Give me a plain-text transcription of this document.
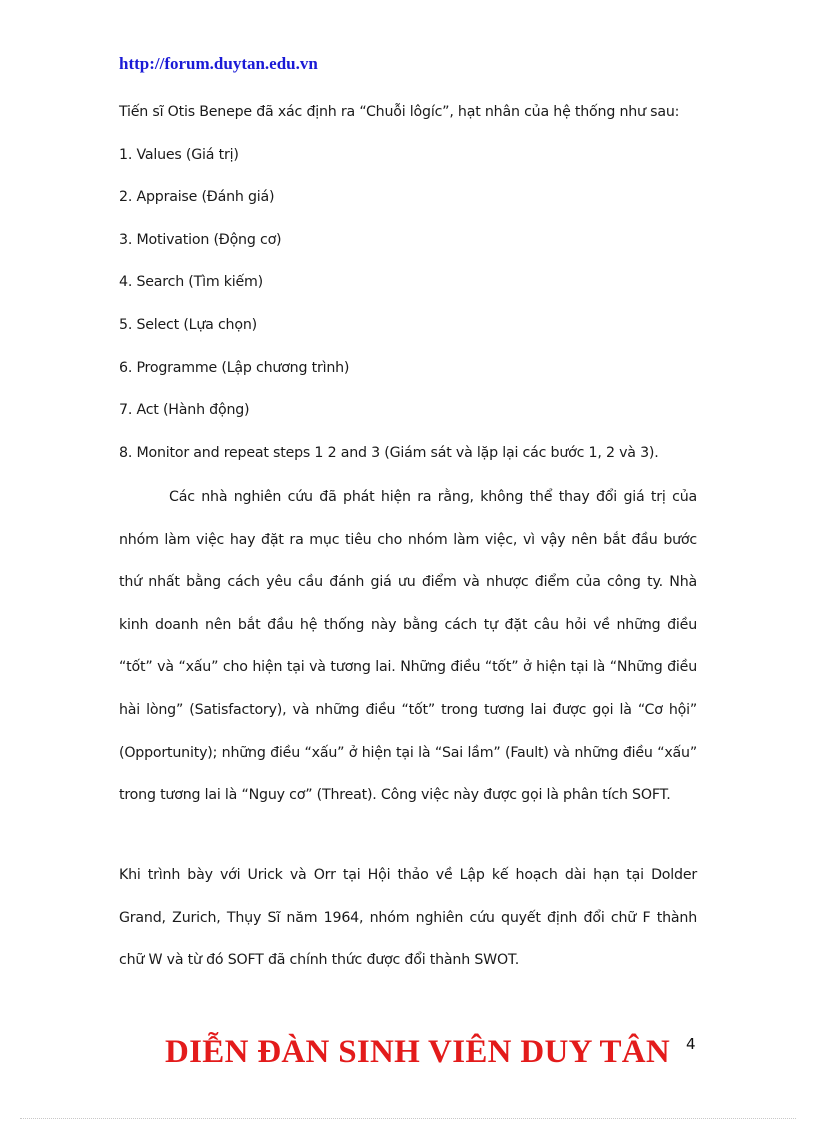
http://forum.duytan.edu.vn
Tiến sĩ Otis Benepe đã xác định ra “Chuỗi lôgíc”, hạt nhân của hệ thống như sau:
1. Values (Giá trị)
2. Appraise (Đánh giá)
3. Motivation (Động cơ)
4. Search (Tìm kiếm)
5. Select (Lựa chọn)
6. Programme (Lập chương trình)
7. Act (Hành động)
8. Monitor and repeat steps 1 2 and 3 (Giám sát và lặp lại các bước 1, 2 và 3).

Các nhà nghiên cứu đã phát hiện ra rằng, không thể thay đổi giá trị của nhóm làm việc hay đặt ra mục tiêu cho nhóm làm việc, vì vậy nên bắt đầu bước thứ nhất bằng cách yêu cầu đánh giá ưu điểm và nhược điểm của công ty. Nhà kinh doanh nên bắt đầu hệ thống này bằng cách tự đặt câu hỏi về những điều “tốt” và “xấu” cho hiện tại và tương lai. Những điều “tốt” ở hiện tại là “Những điều hài lòng” (Satisfactory), và những điều “tốt” trong tương lai được gọi là “Cơ hội” (Opportunity); những điều “xấu” ở hiện tại là “Sai lầm” (Fault) và những điều “xấu” trong tương lai là “Nguy cơ” (Threat). Công việc này được gọi là phân tích SOFT.

Khi trình bày với Urick và Orr tại Hội thảo về Lập kế hoạch dài hạn tại Dolder Grand, Zurich, Thụy Sĩ năm 1964, nhóm nghiên cứu quyết định đổi chữ F thành chữ W và từ đó SOFT đã chính thức được đổi thành SWOT.

DIỄN ĐÀN SINH VIÊN DUY TÂN 4
